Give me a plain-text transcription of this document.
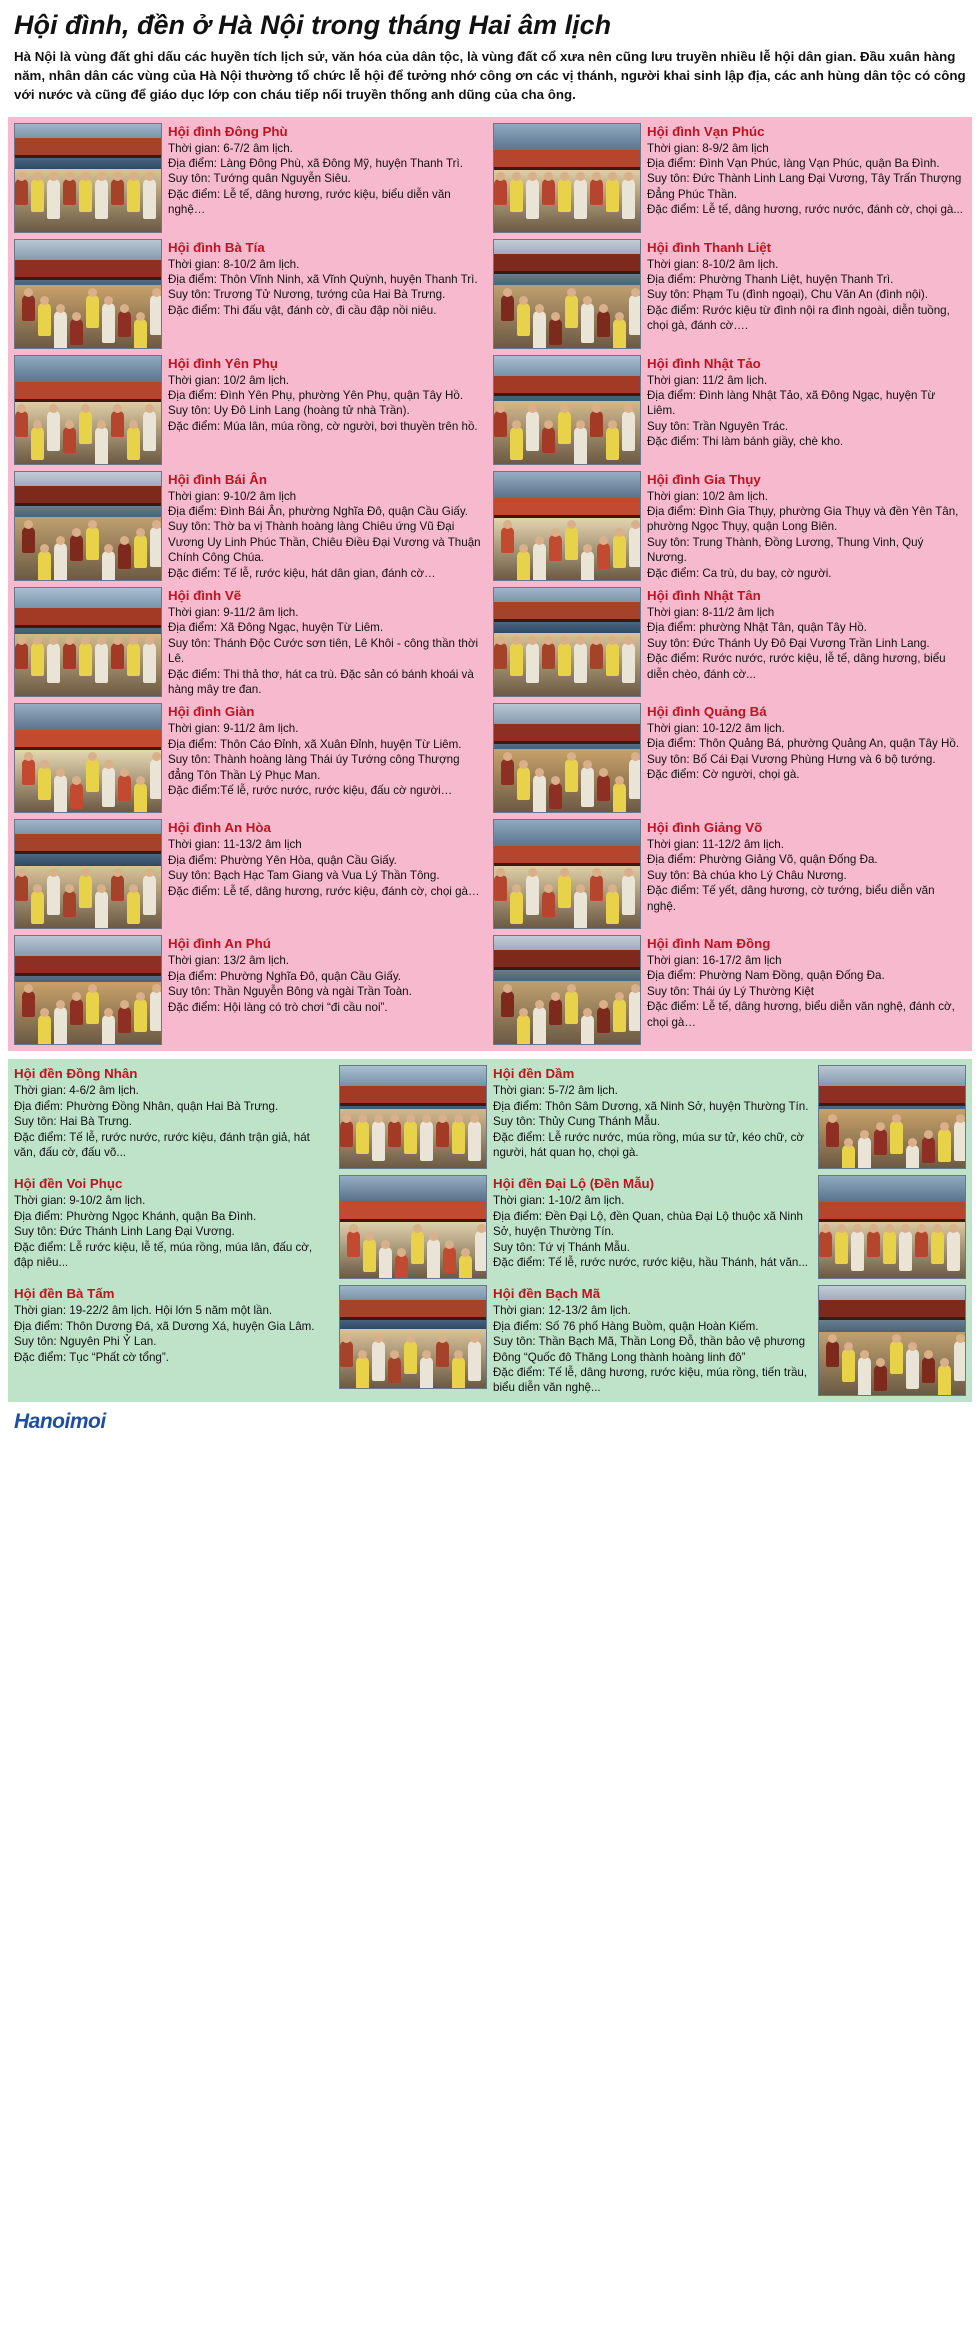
Hội đình, đền ở Hà Nội trong tháng Hai âm lịch
Hà Nội là vùng đất ghi dấu các huyền tích lịch sử, văn hóa của dân tộc, là vùng đất cổ xưa nên cũng lưu truyền nhiều lễ hội dân gian. Đầu xuân hàng năm, nhân dân các vùng của Hà Nội thường tổ chức lễ hội để tưởng nhớ công ơn các vị thánh, người khai sinh lập địa, các anh hùng dân tộc có công với nước và cũng để giáo dục lớp con cháu tiếp nối truyền thống anh dũng của cha ông.
Hội đình Đông Phù
Thời gian: 6-7/2 âm lịch.
Địa điểm: Làng Đông Phù, xã Đông Mỹ, huyện Thanh Trì.
Suy tôn: Tướng quân Nguyễn Siêu.
Đặc điểm: Lễ tế, dâng hương, rước kiệu, biểu diễn văn nghệ…
Hội đình Bà Tía
Thời gian: 8-10/2 âm lịch.
Địa điểm: Thôn Vĩnh Ninh, xã Vĩnh Quỳnh, huyện Thanh Trì.
Suy tôn: Trương Tử Nương, tướng của Hai Bà Trưng.
Đặc điểm: Thi đấu vật, đánh cờ, đi cầu đập nồi niêu.
Hội đình Yên Phụ
Thời gian: 10/2 âm lịch.
Địa điểm: Đình Yên Phụ, phường Yên Phụ, quận Tây Hồ.
Suy tôn: Uy Đô Linh Lang (hoàng tử nhà Trần).
Đặc điểm: Múa lân, múa rồng, cờ người, bơi thuyền trên hồ.
Hội đình Bái Ân
Thời gian: 9-10/2 âm lịch
Địa điểm: Đình Bái Ân, phường Nghĩa Đô, quận Cầu Giấy.
Suy tôn: Thờ ba vị Thành hoàng làng Chiêu ứng Vũ Đại Vương Uy Linh Phúc Thần, Chiêu Điều Đại Vương và Thuận Chính Công Chúa.
Đặc điểm: Tế lễ, rước kiệu, hát dân gian, đánh cờ…
Hội đình Vẽ
Thời gian: 9-11/2 âm lịch.
Địa điểm: Xã Đông Ngạc, huyện Từ Liêm.
Suy tôn: Thánh Độc Cước sơn tiên, Lê Khôi - công thần thời Lê.
Đặc điểm: Thi thả thơ, hát ca trù. Đặc sản có bánh khoái và hàng mây tre đan.
Hội đình Giàn
Thời gian: 9-11/2 âm lịch.
Địa điểm: Thôn Cáo Đỉnh, xã Xuân Đỉnh, huyện Từ Liêm.
Suy tôn: Thành hoàng làng Thái úy Tướng công Thượng đẳng Tôn Thần Lý Phục Man.
Đặc điểm:Tế lễ, rước nước, rước kiệu, đấu cờ người…
Hội đình An Hòa
Thời gian: 11-13/2 âm lịch
Địa điểm: Phường Yên Hòa, quận Cầu Giấy.
Suy tôn: Bạch Hạc Tam Giang và Vua Lý Thần Tông.
Đặc điểm: Lễ tế, dâng hương, rước kiệu, đánh cờ, chọi gà…
Hội đình An Phú
Thời gian: 13/2 âm lịch.
Địa điểm: Phường Nghĩa Đô, quận Cầu Giấy.
Suy tôn: Thần Nguyễn Bông và ngài Trần Toàn.
Đặc điểm: Hội làng có trò chơi “đi cầu noi”.
Hội đình Vạn Phúc
Thời gian: 8-9/2 âm lịch
Địa điểm: Đình Vạn Phúc, làng Vạn Phúc, quận Ba Đình.
Suy tôn: Đức Thành Linh Lang Đại Vương, Tây Trấn Thượng Đẳng Phúc Thần.
Đặc điểm: Lễ tế, dâng hương, rước nước, đánh cờ, chọi gà...
Hội đình Thanh Liệt
Thời gian: 8-10/2 âm lịch.
Địa điểm: Phường Thanh Liệt, huyện Thanh Trì.
Suy tôn: Phạm Tu (đình ngoại), Chu Văn An (đình nội).
Đặc điểm: Rước kiệu từ đình nội ra đình ngoài, diễn tuồng, chọi gà, đánh cờ….
Hội đình Nhật Tảo
Thời gian: 11/2 âm lịch.
Địa điểm: Đình làng Nhật Tảo, xã Đông Ngạc, huyện Từ Liêm.
Suy tôn: Trần Nguyên Trác.
Đặc điểm: Thi làm bánh giầy, chè kho.
Hội đình Gia Thụy
Thời gian: 10/2 âm lịch.
Địa điểm: Đình Gia Thụy, phường Gia Thụy và đền Yên Tân, phường Ngọc Thụy, quận Long Biên.
Suy tôn: Trung Thành, Đồng Lương, Thung Vinh, Quý Nương.
Đặc điểm: Ca trù, du bay, cờ người.
Hội đình Nhật Tân
Thời gian: 8-11/2 âm lịch
Địa điểm: phường Nhật Tân, quận Tây Hồ.
Suy tôn: Đức Thánh Uy Đô Đại Vương Trần Linh Lang.
Đặc điểm: Rước nước, rước kiệu, lễ tế, dâng hương, biểu diễn chèo, đánh cờ...
Hội đình Quảng Bá
Thời gian: 10-12/2 âm lịch.
Địa điểm: Thôn Quảng Bá, phường Quảng An, quận Tây Hồ.
Suy tôn: Bố Cái Đại Vương Phùng Hưng và 6 bộ tướng.
Đặc điểm: Cờ người, chọi gà.
Hội đình Giảng Võ
Thời gian: 11-12/2 âm lịch.
Địa điểm: Phường Giảng Võ, quận Đống Đa.
Suy tôn: Bà chúa kho Lý Châu Nương.
Đặc điểm: Tế yết, dâng hương, cờ tướng, biểu diễn văn nghệ.
Hội đình Nam Đồng
Thời gian: 16-17/2 âm lịch
Địa điểm: Phường Nam Đồng, quận Đống Đa.
Suy tôn: Thái úy Lý Thường Kiệt
Đặc điểm: Lễ tế, dâng hương, biểu diễn văn nghệ, đánh cờ, chọi gà…
Hội đền Đồng Nhân
Thời gian: 4-6/2 âm lịch.
Địa điểm: Phường Đồng Nhân, quận Hai Bà Trưng.
Suy tôn: Hai Bà Trưng.
Đặc điểm: Tế lễ, rước nước, rước kiệu, đánh trận giả, hát văn, đấu cờ, đấu võ...
Hội đền Voi Phục
Thời gian: 9-10/2 âm lịch.
Địa điểm: Phường Ngọc Khánh, quận Ba Đình.
Suy tôn: Đức Thánh Linh Lang Đại Vương.
Đặc điểm: Lễ rước kiệu, lễ tế, múa rồng, múa lân, đấu cờ, đập niêu...
Hội đền Bà Tấm
Thời gian: 19-22/2 âm lịch. Hội lớn 5 năm một lần.
Địa điểm: Thôn Dương Đá, xã Dương Xá, huyện Gia Lâm.
Suy tôn: Nguyên Phi Ỷ Lan.
Đặc điểm: Tục “Phất cờ tổng”.
Hội đền Dầm
Thời gian: 5-7/2 âm lịch.
Địa điểm: Thôn Sâm Dương, xã Ninh Sở, huyện Thường Tín.
Suy tôn: Thủy Cung Thánh Mẫu.
Đặc điểm: Lễ rước nước, múa rồng, múa sư tử, kéo chữ, cờ người, hát quan họ, chọi gà.
Hội đền Đại Lộ (Đền Mẫu)
Thời gian: 1-10/2 âm lịch.
Địa điểm: Đền Đại Lộ, đền Quan, chùa Đại Lộ thuộc xã Ninh Sở, huyện Thường Tín.
Suy tôn: Tứ vị Thánh Mẫu.
Đặc điểm: Tế lễ, rước nước, rước kiệu, hầu Thánh, hát văn...
Hội đền Bạch Mã
Thời gian: 12-13/2 âm lịch.
Địa điểm: Số 76 phố Hàng Buồm, quận Hoàn Kiếm.
Suy tôn: Thần Bạch Mã, Thần Long Đỗ, thần bảo vệ phương Đông “Quốc đô Thăng Long thành hoàng linh đô”
Đặc điểm: Tế lễ, dâng hương, rước kiệu, múa rồng, tiến trầu, biểu diễn văn nghệ...
Hanoimoi
